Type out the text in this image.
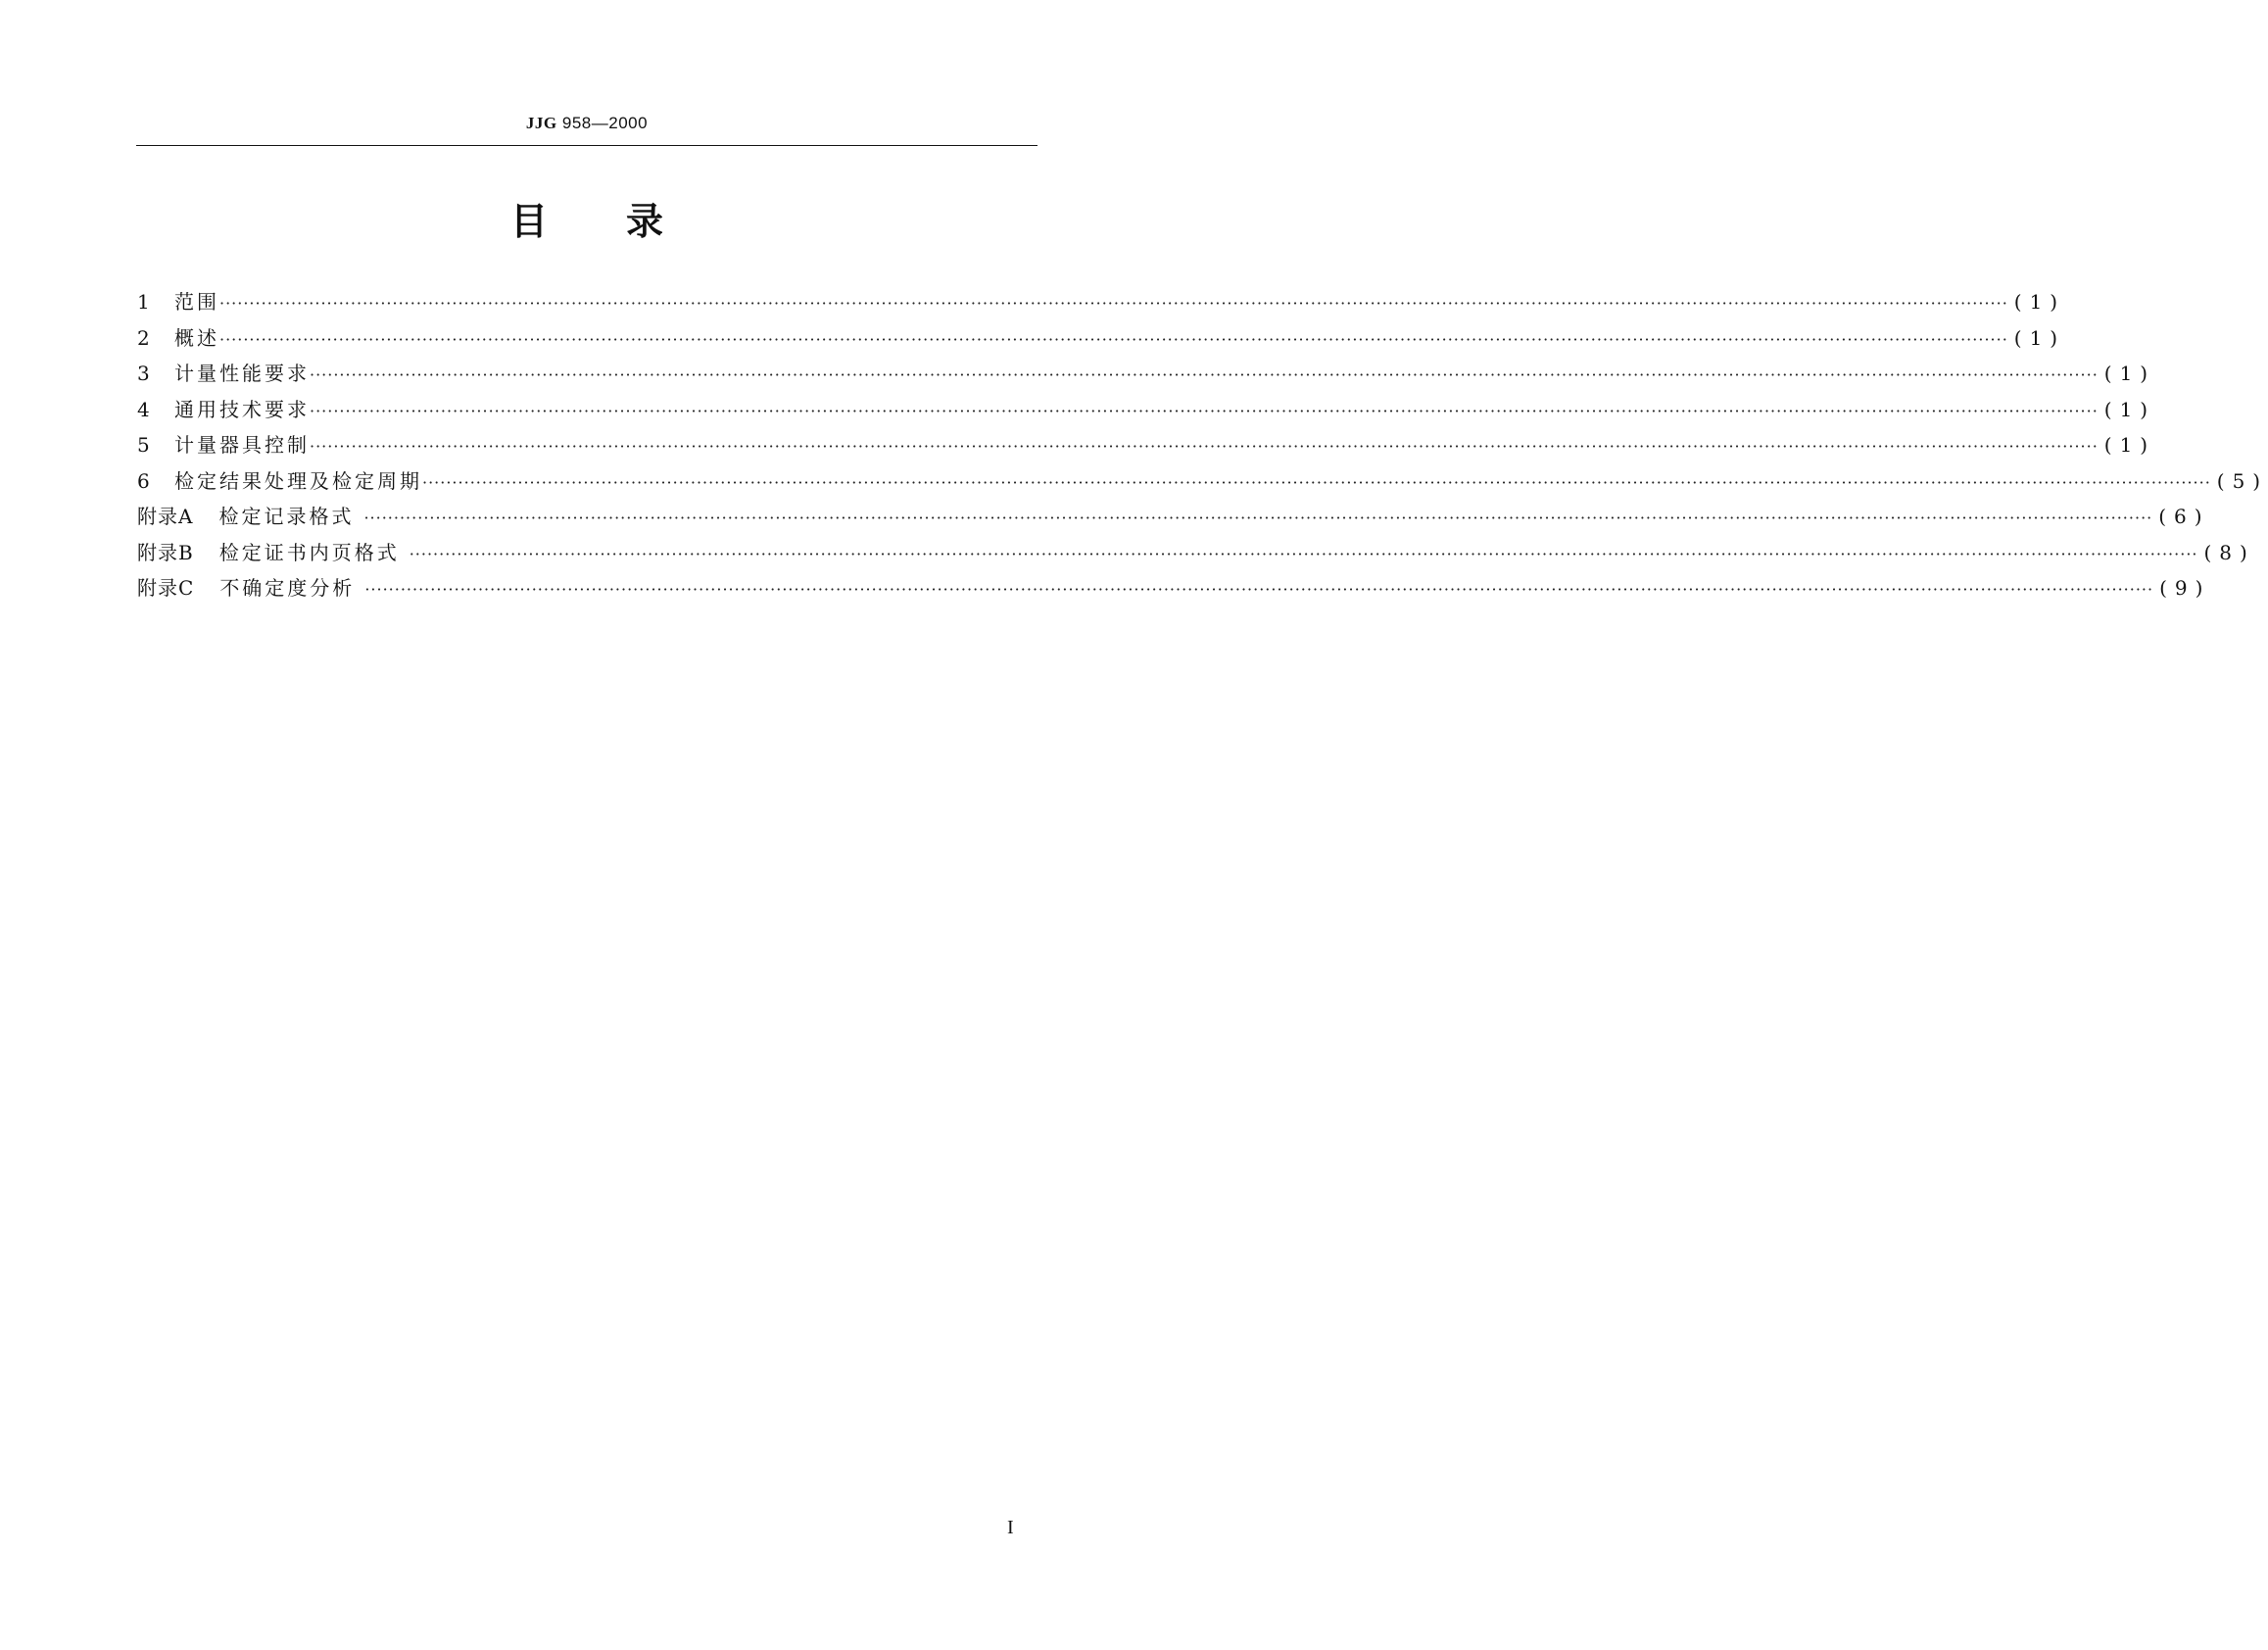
JJG 958—2000
目 录
1	范围 ············································································································································································································································································································ (1)
2	概述 ············································································································································································································································································································ (1)
3	计量性能要求 ············································································································································································································································································································ (1)
4	通用技术要求 ············································································································································································································································································································ (1)
5	计量器具控制 ············································································································································································································································································································ (1)
6	检定结果处理及检定周期 ············································································································································································································································································································ (5)
附录A	检定记录格式 ············································································································································································································································································································ (6)
附录B	检定证书内页格式 ············································································································································································································································································································ (8)
附录C	不确定度分析 ············································································································································································································································································································ (9)
I
